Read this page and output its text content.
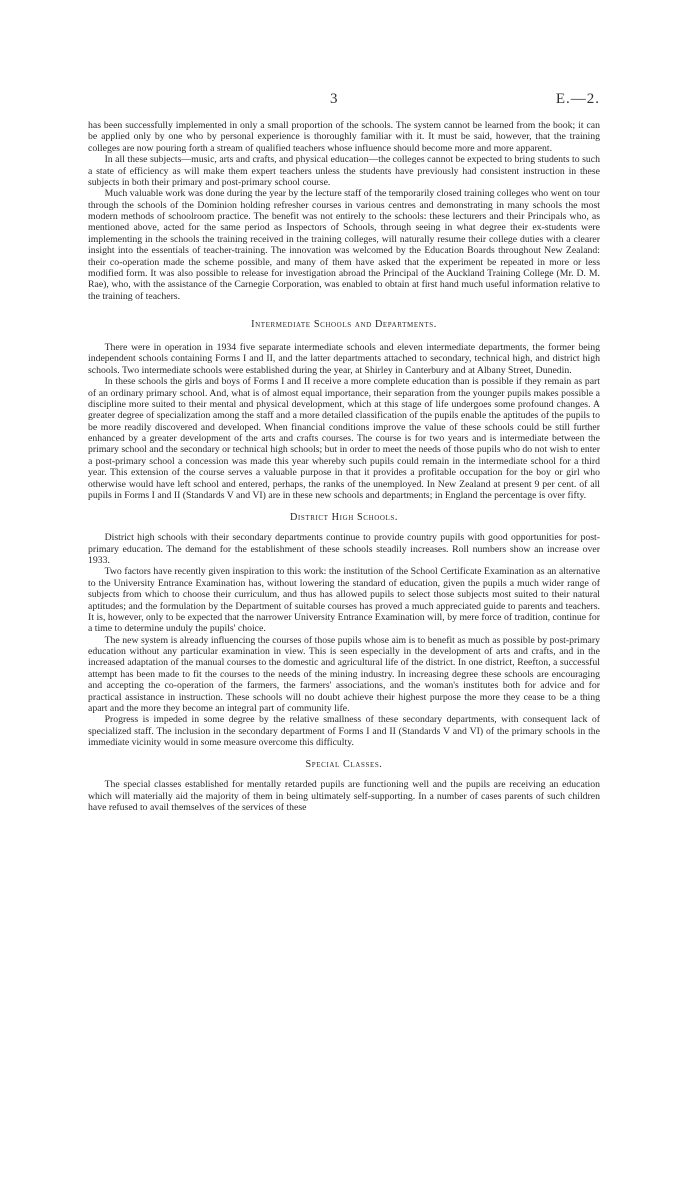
3	E.—2.

has been successfully implemented in only a small proportion of the schools. The system cannot be learned from the book; it can be applied only by one who by personal experience is thoroughly familiar with it. It must be said, however, that the training colleges are now pouring forth a stream of qualified teachers whose influence should become more and more apparent.

In all these subjects—music, arts and crafts, and physical education—the colleges cannot be expected to bring students to such a state of efficiency as will make them expert teachers unless the students have previously had consistent instruction in these subjects in both their primary and post-primary school course.

Much valuable work was done during the year by the lecture staff of the temporarily closed training colleges who went on tour through the schools of the Dominion holding refresher courses in various centres and demonstrating in many schools the most modern methods of schoolroom practice. The benefit was not entirely to the schools: these lecturers and their Principals who, as mentioned above, acted for the same period as Inspectors of Schools, through seeing in what degree their ex-students were implementing in the schools the training received in the training colleges, will naturally resume their college duties with a clearer insight into the essentials of teacher-training. The innovation was welcomed by the Education Boards throughout New Zealand: their co-operation made the scheme possible, and many of them have asked that the experiment be repeated in more or less modified form. It was also possible to release for investigation abroad the Principal of the Auckland Training College (Mr. D. M. Rae), who, with the assistance of the Carnegie Corporation, was enabled to obtain at first hand much useful information relative to the training of teachers.

Intermediate Schools and Departments.

There were in operation in 1934 five separate intermediate schools and eleven intermediate departments, the former being independent schools containing Forms I and II, and the latter departments attached to secondary, technical high, and district high schools. Two intermediate schools were established during the year, at Shirley in Canterbury and at Albany Street, Dunedin.

In these schools the girls and boys of Forms I and II receive a more complete education than is possible if they remain as part of an ordinary primary school. And, what is of almost equal importance, their separation from the younger pupils makes possible a discipline more suited to their mental and physical development, which at this stage of life undergoes some profound changes. A greater degree of specialization among the staff and a more detailed classification of the pupils enable the aptitudes of the pupils to be more readily discovered and developed. When financial conditions improve the value of these schools could be still further enhanced by a greater development of the arts and crafts courses. The course is for two years and is intermediate between the primary school and the secondary or technical high schools; but in order to meet the needs of those pupils who do not wish to enter a post-primary school a concession was made this year whereby such pupils could remain in the intermediate school for a third year. This extension of the course serves a valuable purpose in that it provides a profitable occupation for the boy or girl who otherwise would have left school and entered, perhaps, the ranks of the unemployed. In New Zealand at present 9 per cent. of all pupils in Forms I and II (Standards V and VI) are in these new schools and departments; in England the percentage is over fifty.

District High Schools.

District high schools with their secondary departments continue to provide country pupils with good opportunities for post-primary education. The demand for the establishment of these schools steadily increases. Roll numbers show an increase over 1933.

Two factors have recently given inspiration to this work: the institution of the School Certificate Examination as an alternative to the University Entrance Examination has, without lowering the standard of education, given the pupils a much wider range of subjects from which to choose their curriculum, and thus has allowed pupils to select those subjects most suited to their natural aptitudes; and the formulation by the Department of suitable courses has proved a much appreciated guide to parents and teachers. It is, however, only to be expected that the narrower University Entrance Examination will, by mere force of tradition, continue for a time to determine unduly the pupils' choice.

The new system is already influencing the courses of those pupils whose aim is to benefit as much as possible by post-primary education without any particular examination in view. This is seen especially in the development of arts and crafts, and in the increased adaptation of the manual courses to the domestic and agricultural life of the district. In one district, Reefton, a successful attempt has been made to fit the courses to the needs of the mining industry. In increasing degree these schools are encouraging and accepting the co-operation of the farmers, the farmers' associations, and the woman's institutes both for advice and for practical assistance in instruction. These schools will no doubt achieve their highest purpose the more they cease to be a thing apart and the more they become an integral part of community life.

Progress is impeded in some degree by the relative smallness of these secondary departments, with consequent lack of specialized staff. The inclusion in the secondary department of Forms I and II (Standards V and VI) of the primary schools in the immediate vicinity would in some measure overcome this difficulty.

Special Classes.

The special classes established for mentally retarded pupils are functioning well and the pupils are receiving an education which will materially aid the majority of them in being ultimately self-supporting. In a number of cases parents of such children have refused to avail themselves of the services of these
